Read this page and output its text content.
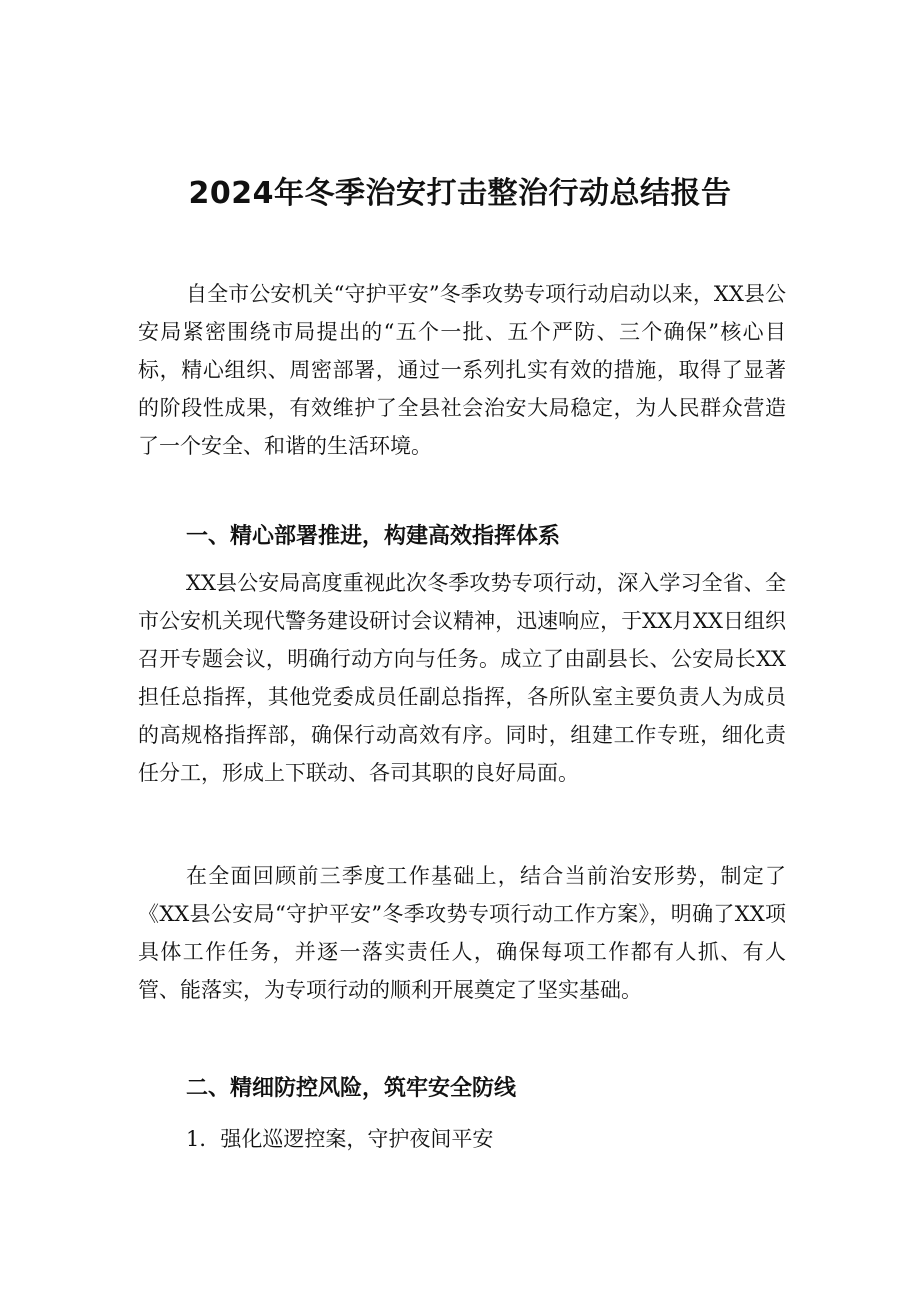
2024年冬季治安打击整治行动总结报告

自全市公安机关“守护平安”冬季攻势专项行动启动以来，XX县公安局紧密围绕市局提出的“五个一批、五个严防、三个确保”核心目标，精心组织、周密部署，通过一系列扎实有效的措施，取得了显著的阶段性成果，有效维护了全县社会治安大局稳定，为人民群众营造了一个安全、和谐的生活环境。

一、精心部署推进，构建高效指挥体系

XX县公安局高度重视此次冬季攻势专项行动，深入学习全省、全市公安机关现代警务建设研讨会议精神，迅速响应，于XX月XX日组织召开专题会议，明确行动方向与任务。成立了由副县长、公安局长XX担任总指挥，其他党委成员任副总指挥，各所队室主要负责人为成员的高规格指挥部，确保行动高效有序。同时，组建工作专班，细化责任分工，形成上下联动、各司其职的良好局面。

在全面回顾前三季度工作基础上，结合当前治安形势，制定了《XX县公安局“守护平安”冬季攻势专项行动工作方案》，明确了XX项具体工作任务，并逐一落实责任人，确保每项工作都有人抓、有人管、能落实，为专项行动的顺利开展奠定了坚实基础。

二、精细防控风险，筑牢安全防线

1．强化巡逻控案，守护夜间平安
